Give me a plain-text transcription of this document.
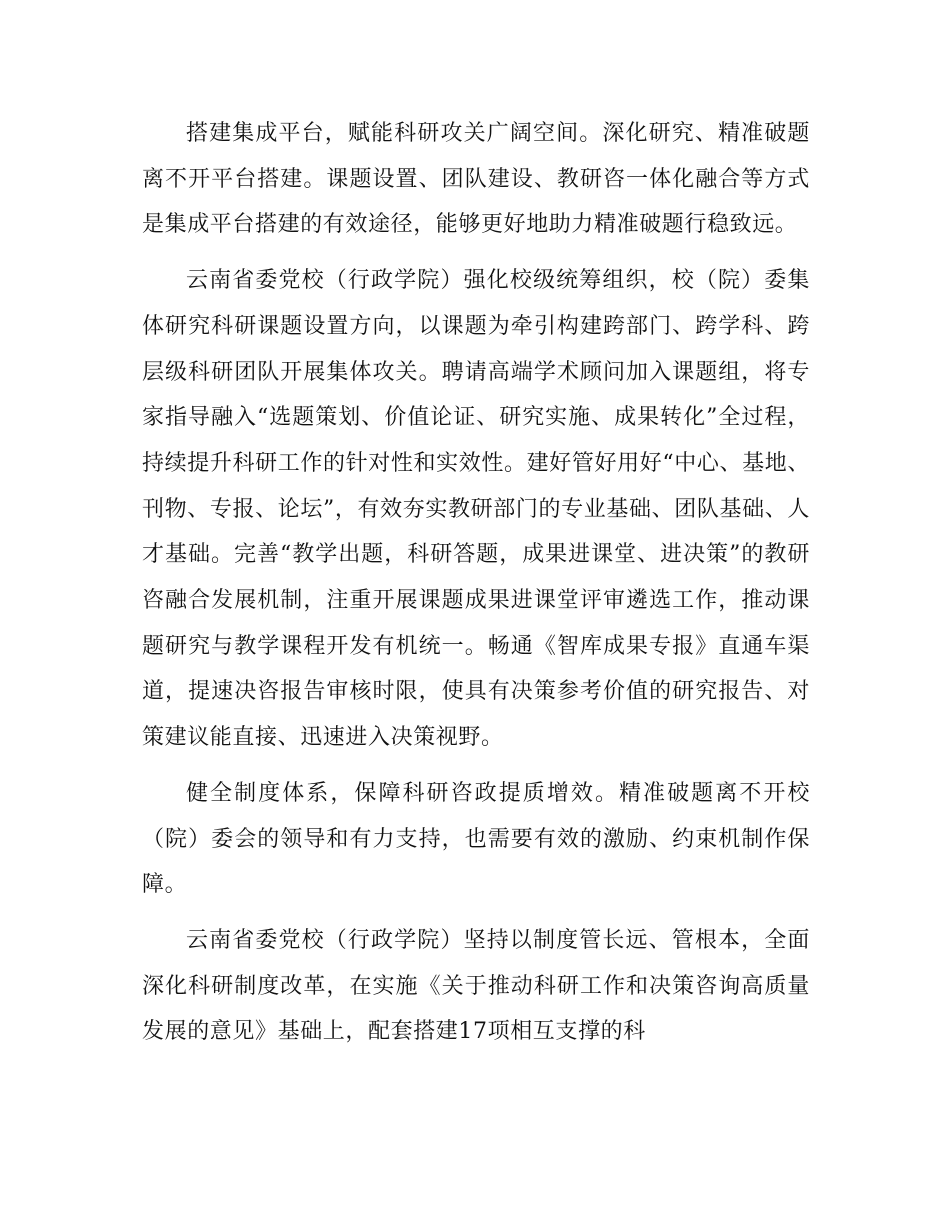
搭建集成平台，赋能科研攻关广阔空间。深化研究、精准破题离不开平台搭建。课题设置、团队建设、教研咨一体化融合等方式是集成平台搭建的有效途径，能够更好地助力精准破题行稳致远。

云南省委党校（行政学院）强化校级统筹组织，校（院）委集体研究科研课题设置方向，以课题为牵引构建跨部门、跨学科、跨层级科研团队开展集体攻关。聘请高端学术顾问加入课题组，将专家指导融入“选题策划、价值论证、研究实施、成果转化”全过程，持续提升科研工作的针对性和实效性。建好管好用好“中心、基地、刊物、专报、论坛”，有效夯实教研部门的专业基础、团队基础、人才基础。完善“教学出题，科研答题，成果进课堂、进决策”的教研咨融合发展机制，注重开展课题成果进课堂评审遴选工作，推动课题研究与教学课程开发有机统一。畅通《智库成果专报》直通车渠道，提速决咨报告审核时限，使具有决策参考价值的研究报告、对策建议能直接、迅速进入决策视野。

健全制度体系，保障科研咨政提质增效。精准破题离不开校（院）委会的领导和有力支持，也需要有效的激励、约束机制作保障。

云南省委党校（行政学院）坚持以制度管长远、管根本，全面深化科研制度改革，在实施《关于推动科研工作和决策咨询高质量发展的意见》基础上，配套搭建17项相互支撑的科
